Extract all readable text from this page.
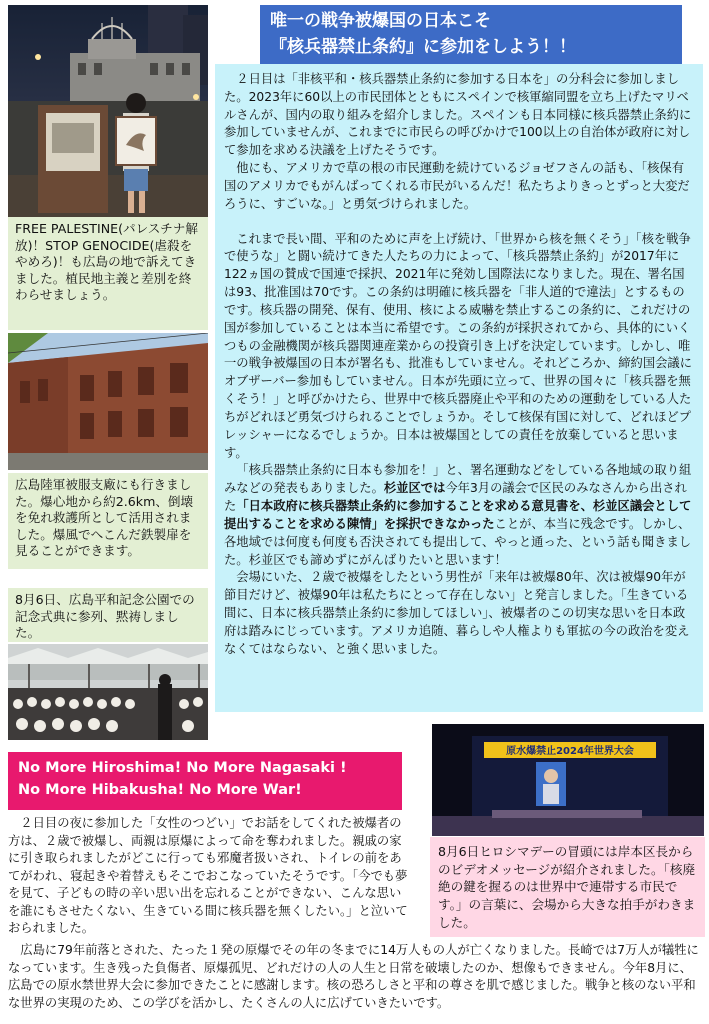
FREE PALESTINE(パレスチナ解放)！STOP GENOCIDE(虐殺をやめろ)！も広島の地で訴えてきました。植民地主義と差別を終わらせましょう。
広島陸軍被服支廠にも行きました。爆心地から約2.6km、倒壊を免れ救護所として活用されました。爆風でへこんだ鉄製扉を見ることができます。
8月6日、広島平和記念公園での記念式典に参列、黙祷しました。
唯一の戦争被爆国の日本こそ
『核兵器禁止条約』に参加をしよう！！

２日目は「非核平和・核兵器禁止条約に参加する日本を」の分科会に参加しました。2023年に60以上の市民団体とともにスペインで核軍縮同盟を立ち上げたマリベルさんが、国内の取り組みを紹介しました。スペインも日本同様に核兵器禁止条約に参加していませんが、これまでに市民らの呼びかけで100以上の自治体が政府に対して参加を求める決議を上げたそうです。

他にも、アメリカで草の根の市民運動を続けているジョゼフさんの話も、「核保有国のアメリカでもがんばってくれる市民がいるんだ！私たちよりきっとずっと大変だろうに、すごいな。」と勇気づけられました。

これまで長い間、平和のために声を上げ続け、「世界から核を無くそう」「核を戦争で使うな」と闘い続けてきた人たちの力によって、「核兵器禁止条約」が2017年に122ヵ国の賛成で国連で採択、2021年に発効し国際法になりました。現在、署名国は93、批准国は70です。この条約は明確に核兵器を「非人道的で違法」とするものです。核兵器の開発、保有、使用、核による威嚇を禁止するこの条約に、これだけの国が参加していることは本当に希望です。この条約が採択されてから、具体的にいくつもの金融機関が核兵器関連産業からの投資引き上げを決定しています。しかし、唯一の戦争被爆国の日本が署名も、批准もしていません。それどころか、締約国会議にオブザーバー参加もしていません。日本が先頭に立って、世界の国々に「核兵器を無くそう！」と呼びかけたら、世界中で核兵器廃止や平和のための運動をしている人たちがどれほど勇気づけられることでしょうか。そして核保有国に対して、どれほどプレッシャーになるでしょうか。日本は被爆国としての責任を放棄していると思います。

「核兵器禁止条約に日本も参加を！」と、署名運動などをしている各地域の取り組みなどの発表もありました。杉並区では今年3月の議会で区民のみなさんから出された「日本政府に核兵器禁止条約に参加することを求める意見書を、杉並区議会として提出することを求める陳情」を採択できなかったことが、本当に残念です。しかし、各地域では何度も何度も否決されても提出して、やっと通った、という話も聞きました。杉並区でも諦めずにがんばりたいと思います！

会場にいた、２歳で被爆をしたという男性が「来年は被爆80年、次は被爆90年が節目だけど、被爆90年は私たちにとって存在しない」と発言しました。「生きている間に、日本に核兵器禁止条約に参加してほしい」、被爆者のこの切実な思いを日本政府は踏みにじっています。アメリカ追随、暮らしや人権よりも軍拡の今の政治を変えなくてはならない、と強く思いました。

原水爆禁止2024年世界大会
8月6日ヒロシマデーの冒頭には岸本区長からのビデオメッセージが紹介されました。「核廃絶の鍵を握るのは世界中で連帯する市民です。」の言葉に、会場から大きな拍手がわきました。
No More Hiroshima! No More Nagasaki !
No More Hibakusha! No More War!

２日目の夜に参加した「女性のつどい」でお話をしてくれた被爆者の方は、２歳で被爆し、両親は原爆によって命を奪われました。親戚の家に引き取られましたがどこに行っても邪魔者扱いされ、トイレの前をあてがわれ、寝起きや着替えもそこでおこなっていたそうです。「今でも夢を見て、子どもの時の辛い思い出を忘れることができない、こんな思いを誰にもさせたくない、生きている間に核兵器を無くしたい。」と泣いておられました。

広島に79年前落とされた、たった１発の原爆でその年の冬までに14万人もの人が亡くなりました。長崎では7万人が犠牲になっています。生き残った負傷者、原爆孤児、どれだけの人の人生と日常を破壊したのか、想像もできません。今年8月に、広島での原水禁世界大会に参加できたことに感謝します。核の恐ろしさと平和の尊さを肌で感じました。戦争と核のない平和な世界の実現のため、この学びを活かし、たくさんの人に広げていきたいです。
